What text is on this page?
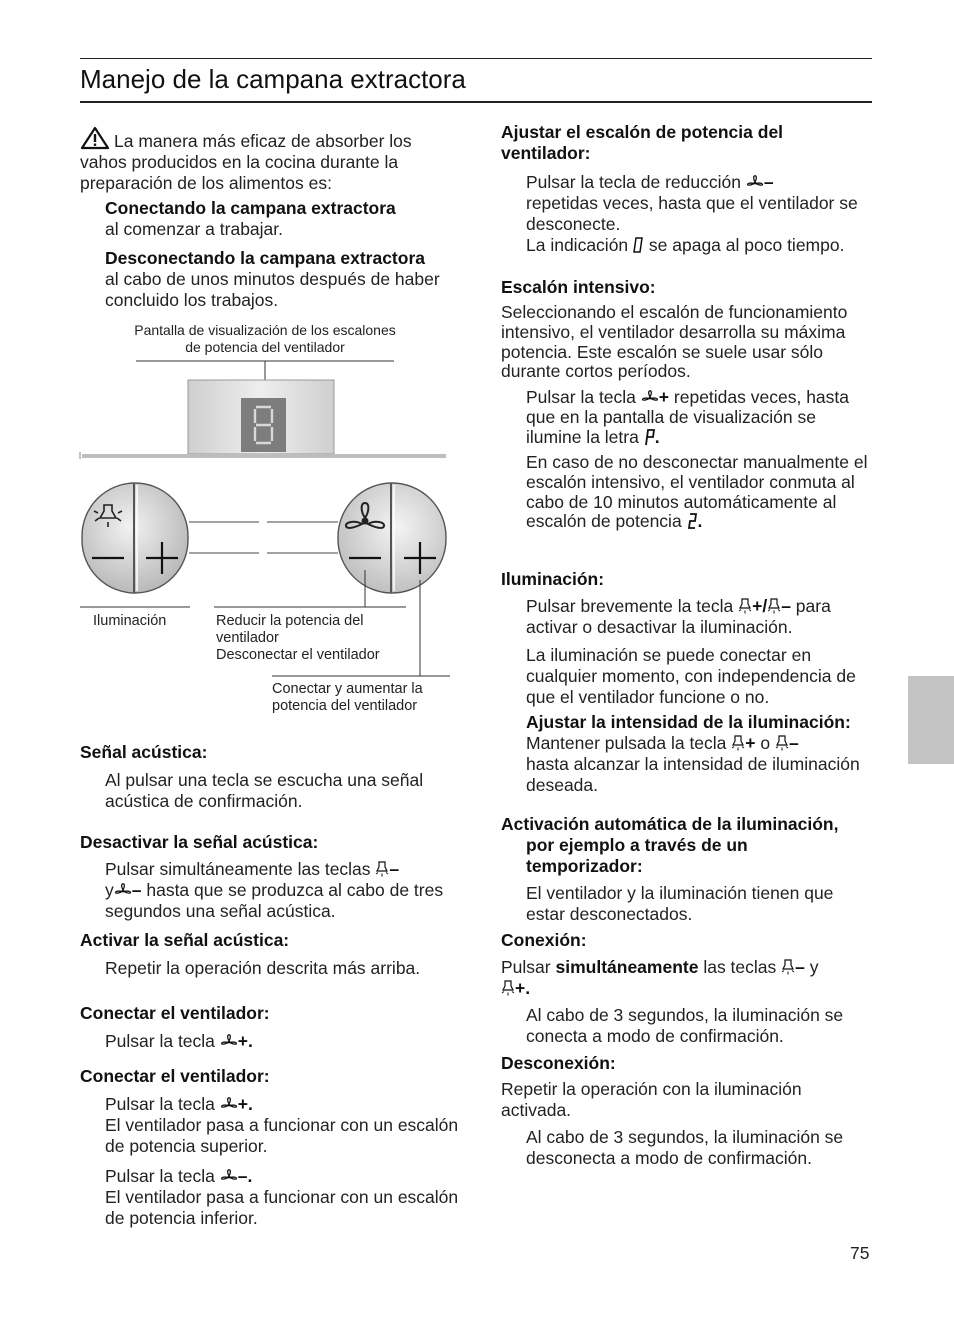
Manejo de la campana extractora
La manera más eficaz de absorber los vahos producidos en la cocina durante la preparación de los alimentos es:
Conectando la campana extractora
al comenzar a trabajar.
Desconectando la campana extractora
al cabo de unos minutos después de haber concluido los trabajos.
Pantalla de visualización de los escalones de potencia del ventilador
Iluminación	Reducir la potencia del ventilador
Desconectar el ventilador
Conectar y aumentar la potencia del ventilador
Señal acústica:
Al pulsar una tecla se escucha una señal acústica de confirmación.
Desactivar la señal acústica:
Pulsar simultáneamente las teclas –
y – hasta que se produzca al cabo de tres segundos una señal acústica.
Activar la señal acústica:
Repetir la operación descrita más arriba.
Conectar el ventilador:
Pulsar la tecla +.
Conectar el ventilador:
Pulsar la tecla +.
El ventilador pasa a funcionar con un escalón de potencia superior.
Pulsar la tecla –.
El ventilador pasa a funcionar con un escalón de potencia inferior.
Ajustar el escalón de potencia del ventilador:
Pulsar la tecla de reducción –
repetidas veces, hasta que el ventilador se desconecte.
La indicación se apaga al poco tiempo.
Escalón intensivo:
Seleccionando el escalón de funcionamiento intensivo, el ventilador desarrolla su máxima potencia. Este escalón se suele usar sólo durante cortos períodos.
Pulsar la tecla + repetidas veces, hasta que en la pantalla de visualización se ilumine la letra .
En caso de no desconectar manualmente el escalón intensivo, el ventilador conmuta al cabo de 10 minutos automáticamente al escalón de potencia .
Iluminación:
Pulsar brevemente la tecla +/ – para activar o desactivar la iluminación.
La iluminación se puede conectar en cualquier momento, con independencia de que el ventilador funcione o no.
Ajustar la intensidad de la iluminación:
Mantener pulsada la tecla + o –
hasta alcanzar la intensidad de iluminación deseada.
Activación automática de la iluminación,
por ejemplo a través de un temporizador:
El ventilador y la iluminación tienen que estar desconectados.
Conexión:
Pulsar simultáneamente las teclas – y
+.
Al cabo de 3 segundos, la iluminación se conecta a modo de confirmación.
Desconexión:
Repetir la operación con la iluminación activada.
Al cabo de 3 segundos, la iluminación se desconecta a modo de confirmación.
75
